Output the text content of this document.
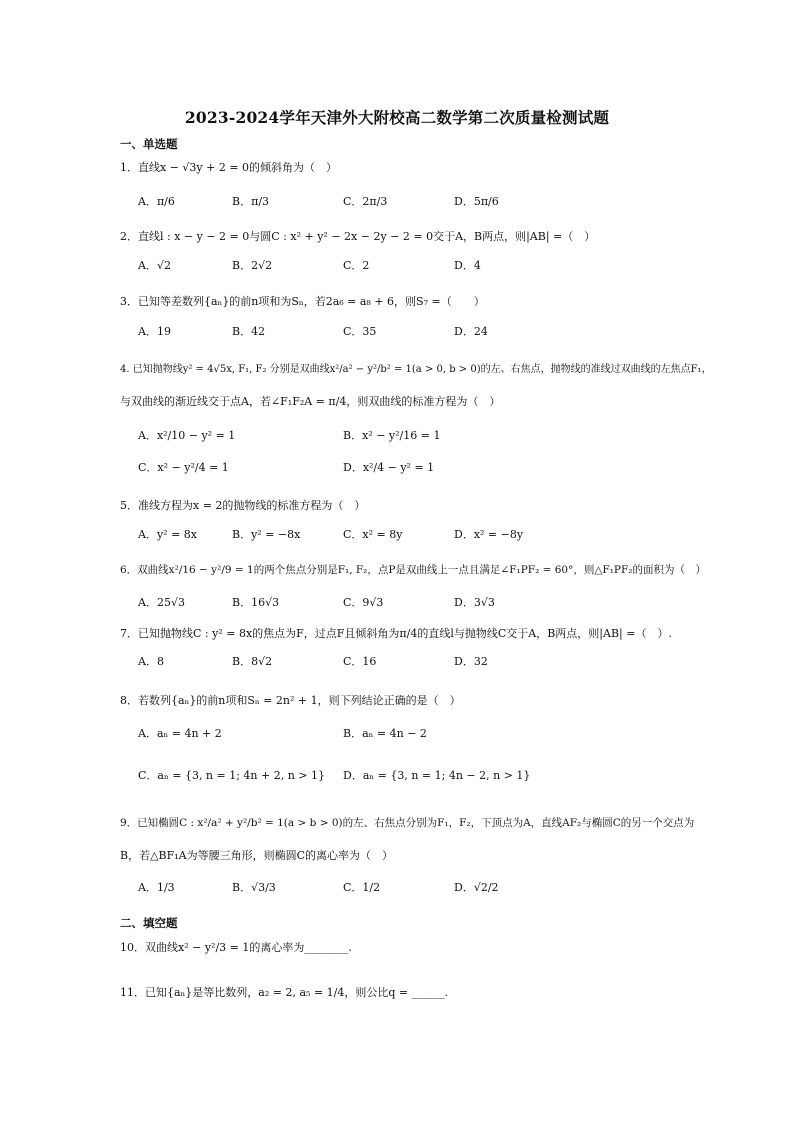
2023-2024学年天津外大附校高二数学第二次质量检测试题
一、单选题
1．直线x − √3y + 2 = 0的倾斜角为（　）
A．π/6	B．π/3	C．2π/3	D．5π/6
2．直线l : x − y − 2 = 0与圆C : x² + y² − 2x − 2y − 2 = 0交于A，B两点，则|AB| =（　）
A．√2	B．2√2	C．2	D．4
3．已知等差数列{aₙ}的前n项和为Sₙ，若2a₆ = a₈ + 6，则S₇ =（　　）
A．19	B．42	C．35	D．24
4. 已知抛物线y² = 4√5x, F₁, F₂ 分别是双曲线x²/a² − y²/b² = 1(a > 0, b > 0)的左、右焦点，抛物线的准线过双曲线的左焦点F₁，
与双曲线的渐近线交于点A，若∠F₁F₂A = π/4，则双曲线的标准方程为（　）
A．x²/10 − y² = 1	B．x² − y²/16 = 1
C．x² − y²/4 = 1	D．x²/4 − y² = 1
5．准线方程为x = 2的抛物线的标准方程为（　）
A．y² = 8x	B．y² = −8x	C．x² = 8y	D．x² = −8y
6．双曲线x²/16 − y²/9 = 1的两个焦点分别是F₁, F₂，点P是双曲线上一点且满足∠F₁PF₂ = 60°，则△F₁PF₂的面积为（　）
A．25√3	B．16√3	C．9√3	D．3√3
7．已知抛物线C : y² = 8x的焦点为F，过点F且倾斜角为π/4的直线l与抛物线C交于A，B两点，则|AB| =（　）.
A．8	B．8√2	C．16	D．32
8．若数列{aₙ}的前n项和Sₙ = 2n² + 1，则下列结论正确的是（　）
A．aₙ = 4n + 2	B．aₙ = 4n − 2
C．aₙ = {3, n = 1; 4n + 2, n > 1} D．aₙ = {3, n = 1; 4n − 2, n > 1}
9．已知椭圆C : x²/a² + y²/b² = 1(a > b > 0)的左、右焦点分别为F₁，F₂，下顶点为A，直线AF₂与椭圆C的另一个交点为
B，若△BF₁A为等腰三角形，则椭圆C的离心率为（　）
A．1/3	B．√3/3	C．1/2	D．√2/2
二、填空题
10．双曲线x² − y²/3 = 1的离心率为________.
11．已知{aₙ}是等比数列，a₂ = 2, a₅ = 1/4，则公比q = ______.
